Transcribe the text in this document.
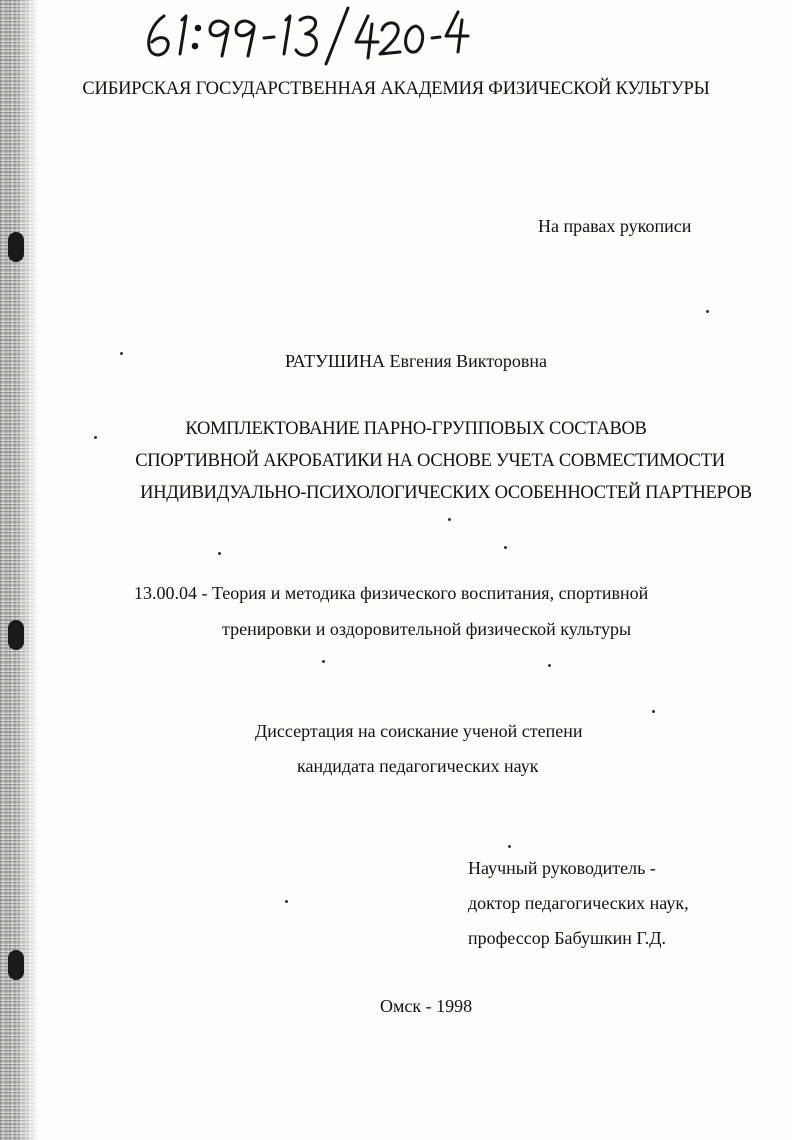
СИБИРСКАЯ ГОСУДАРСТВЕННАЯ АКАДЕМИЯ ФИЗИЧЕСКОЙ КУЛЬТУРЫ
На правах рукописи
РАТУШИНА Евгения Викторовна
КОМПЛЕКТОВАНИЕ ПАРНО-ГРУППОВЫХ СОСТАВОВ
СПОРТИВНОЙ АКРОБАТИКИ НА ОСНОВЕ УЧЕТА СОВМЕСТИМОСТИ
ИНДИВИДУАЛЬНО-ПСИХОЛОГИЧЕСКИХ ОСОБЕННОСТЕЙ ПАРТНЕРОВ
13.00.04 - Теория и методика физического воспитания, спортивной
тренировки и оздоровительной физической культуры
Диссертация на соискание ученой степени
кандидата педагогических наук
Научный руководитель -
доктор педагогических наук,
профессор Бабушкин Г.Д.
Омск - 1998
